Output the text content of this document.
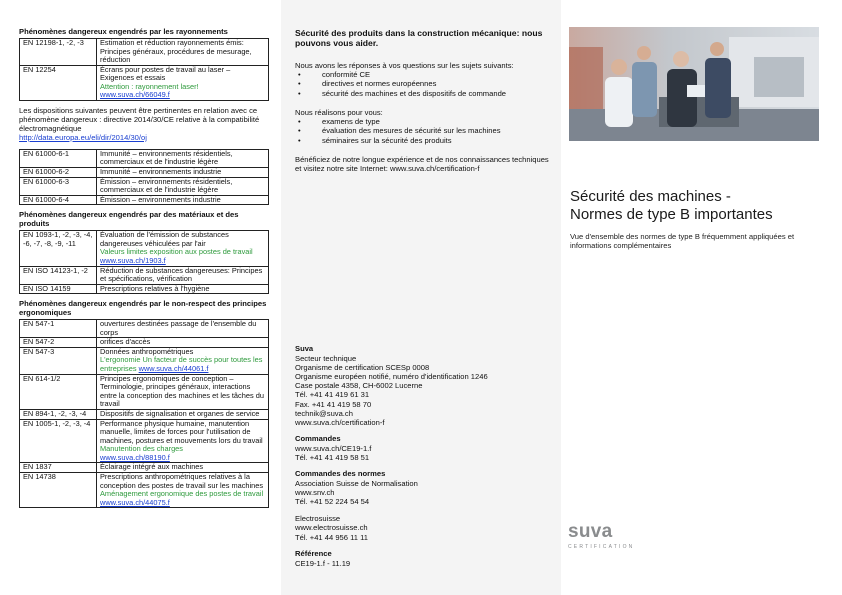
Phénomènes dangereux engendrés par les rayonnements
EN 12198-1, -2, -3	Estimation et réduction rayonnements émis: Principes généraux, procédures de mesurage, réduction
EN 12254	Écrans pour postes de travail au laser – Exigences et essais
Attention : rayonnement laser!
www.suva.ch/66049.f
Les dispositions suivantes peuvent être pertinentes en relation avec ce phénomène dangereux : directive 2014/30/CE relative à la compatibilité électromagnétique
http://data.europa.eu/eli/dir/2014/30/oj
EN 61000-6-1	Immunité – environnements résidentiels, commerciaux et de l'industrie légère
EN 61000-6-2	Immunité – environnements industrie
EN 61000-6-3	Émission – environnements résidentiels, commerciaux et de l'industrie légère
EN 61000-6-4	Émission – environnements industrie
Phénomènes dangereux engendrés par des matériaux et des produits
EN 1093-1, -2, -3, -4, -6, -7, -8, -9, -11	Évaluation de l'émission de substances dangereuses véhiculées par l'air
Valeurs limites exposition aux postes de travail www.suva.ch/1903.f
EN ISO 14123-1, -2	Réduction de substances dangereuses: Principes et spécifications, vérification
EN ISO 14159	Prescriptions relatives à l'hygiène
Phénomènes dangereux engendrés par le non-respect des principes ergonomiques
EN 547-1	ouvertures destinées passage de l'ensemble du corps
EN 547-2	orifices d'accès
EN 547-3	Données anthropométriques
L'ergonomie Un facteur de succès pour toutes les entreprises www.suva.ch/44061.f
EN 614-1/2	Principes ergonomiques de conception – Terminologie, principes généraux, interactions entre la conception des machines et les tâches du travail
EN 894-1, -2, -3, -4	Dispositifs de signalisation et organes de service
EN 1005-1, -2, -3, -4	Performance physique humaine, manutention manuelle, limites de forces pour l'utilisation de machines, postures et mouvements lors du travail
Manutention des charges
www.suva.ch/88190.f
EN 1837	Éclairage intégré aux machines
EN 14738	Prescriptions anthropométriques relatives à la conception des postes de travail sur les machines
Aménagement ergonomique des postes de travail www.suva.ch/44075.f
Sécurité des produits dans la construction mécanique: nous pouvons vous aider.

Nous avons les réponses à vos questions sur les sujets suivants:

• conformité CE
• directives et normes européennes
• sécurité des machines et des dispositifs de commande

Nous réalisons pour vous:

• examens de type
• évaluation des mesures de sécurité sur les machines
• séminaires sur la sécurité des produits

Bénéficiez de notre longue expérience et de nos connaissances techniques et visitez notre site Internet: www.suva.ch/certification-f

Suva

Secteur technique

Organisme de certification SCESp 0008

Organisme européen notifié, numéro d'identification 1246

Case postale 4358, CH-6002 Lucerne

Tél. +41 41 419 61 31

Fax. +41 41 419 58 70

technik@suva.ch

www.suva.ch/certification-f

Commandes

www.suva.ch/CE19-1.f

Tél. +41 41 419 58 51

Commandes des normes

Association Suisse de Normalisation

www.snv.ch

Tél. +41 52 224 54 54

Electrosuisse

www.electrosuisse.ch

Tél. +41 44 956 11 11

Référence

CE19-1.f - 11.19

Sécurité des machines -
Normes de type B importantes
Vue d'ensemble des normes de type B fréquemment appliquées et informations complémentaires
suva
CERTIFICATION
